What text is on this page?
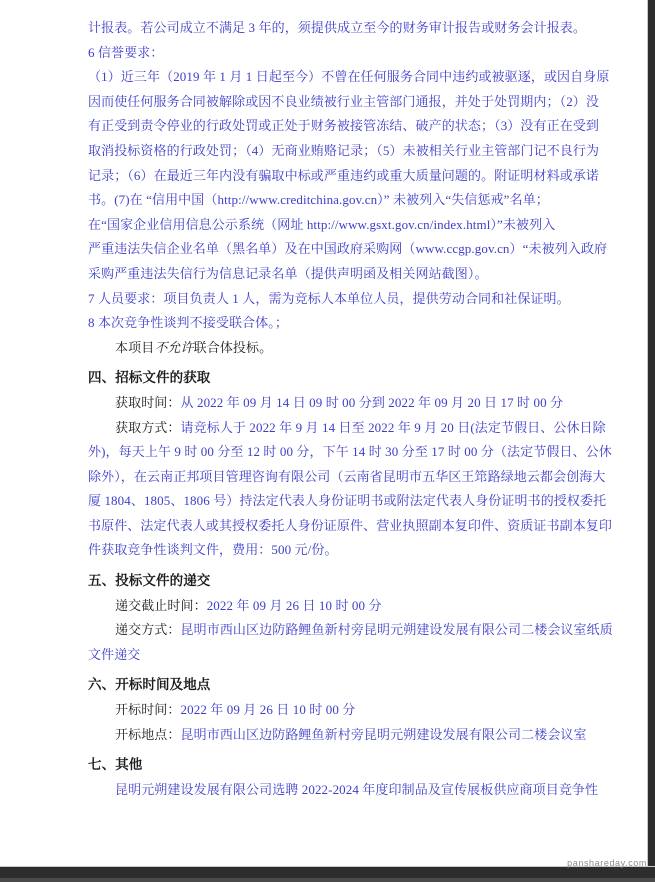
计报表。若公司成立不满足 3 年的，须提供成立至今的财务审计报告或财务会计报表。
6 信誉要求：
（1）近三年（2019 年 1 月 1 日起至今）不曾在任何服务合同中违约或被驱逐，或因自身原
因而使任何服务合同被解除或因不良业绩被行业主管部门通报，并处于处罚期内；（2）没
有正受到责令停业的行政处罚或正处于财务被接管冻结、破产的状态；（3）没有正在受到
取消投标资格的行政处罚；（4）无商业贿赂记录；（5）未被相关行业主管部门记不良行为
记录；（6）在最近三年内没有骗取中标或严重违约或重大质量问题的。附证明材料或承诺
书。(7)在 “信用中国（http://www.creditchina.gov.cn）” 未被列入“失信惩戒”名单；
在“国家企业信用信息公示系统（网址 http://www.gsxt.gov.cn/index.html）”未被列入
严重违法失信企业名单（黑名单）及在中国政府采购网（www.ccgp.gov.cn）“未被列入政府
采购严重违法失信行为信息记录名单（提供声明函及相关网站截图）。
7 人员要求：项目负责人 1 人，需为竞标人本单位人员，提供劳动合同和社保证明。
8 本次竞争性谈判不接受联合体。；
本项目不允许联合体投标。
四、招标文件的获取
获取时间：从 2022 年 09 月 14 日 09 时 00 分到 2022 年 09 月 20 日 17 时 00 分
获取方式：请竞标人于 2022 年 9 月 14 日至 2022 年 9 月 20 日(法定节假日、公休日除
外)，每天上午 9 时 00 分至 12 时 00 分，下午 14 时 30 分至 17 时 00 分（法定节假日、公休
除外），在云南正邦项目管理咨询有限公司（云南省昆明市五华区王筇路绿地云都会创海大
厦 1804、1805、1806 号）持法定代表人身份证明书或附法定代表人身份证明书的授权委托
书原件、法定代表人或其授权委托人身份证原件、营业执照副本复印件、资质证书副本复印
件获取竞争性谈判文件，费用：500 元/份。
五、投标文件的递交
递交截止时间：2022 年 09 月 26 日 10 时 00 分
递交方式：昆明市西山区边防路鲤鱼新村旁昆明元朔建设发展有限公司二楼会议室纸质
文件递交
六、开标时间及地点
开标时间：2022 年 09 月 26 日 10 时 00 分
开标地点：昆明市西山区边防路鲤鱼新村旁昆明元朔建设发展有限公司二楼会议室
七、其他
昆明元朔建设发展有限公司选聘 2022-2024 年度印制品及宣传展板供应商项目竞争性
panshareday.com
